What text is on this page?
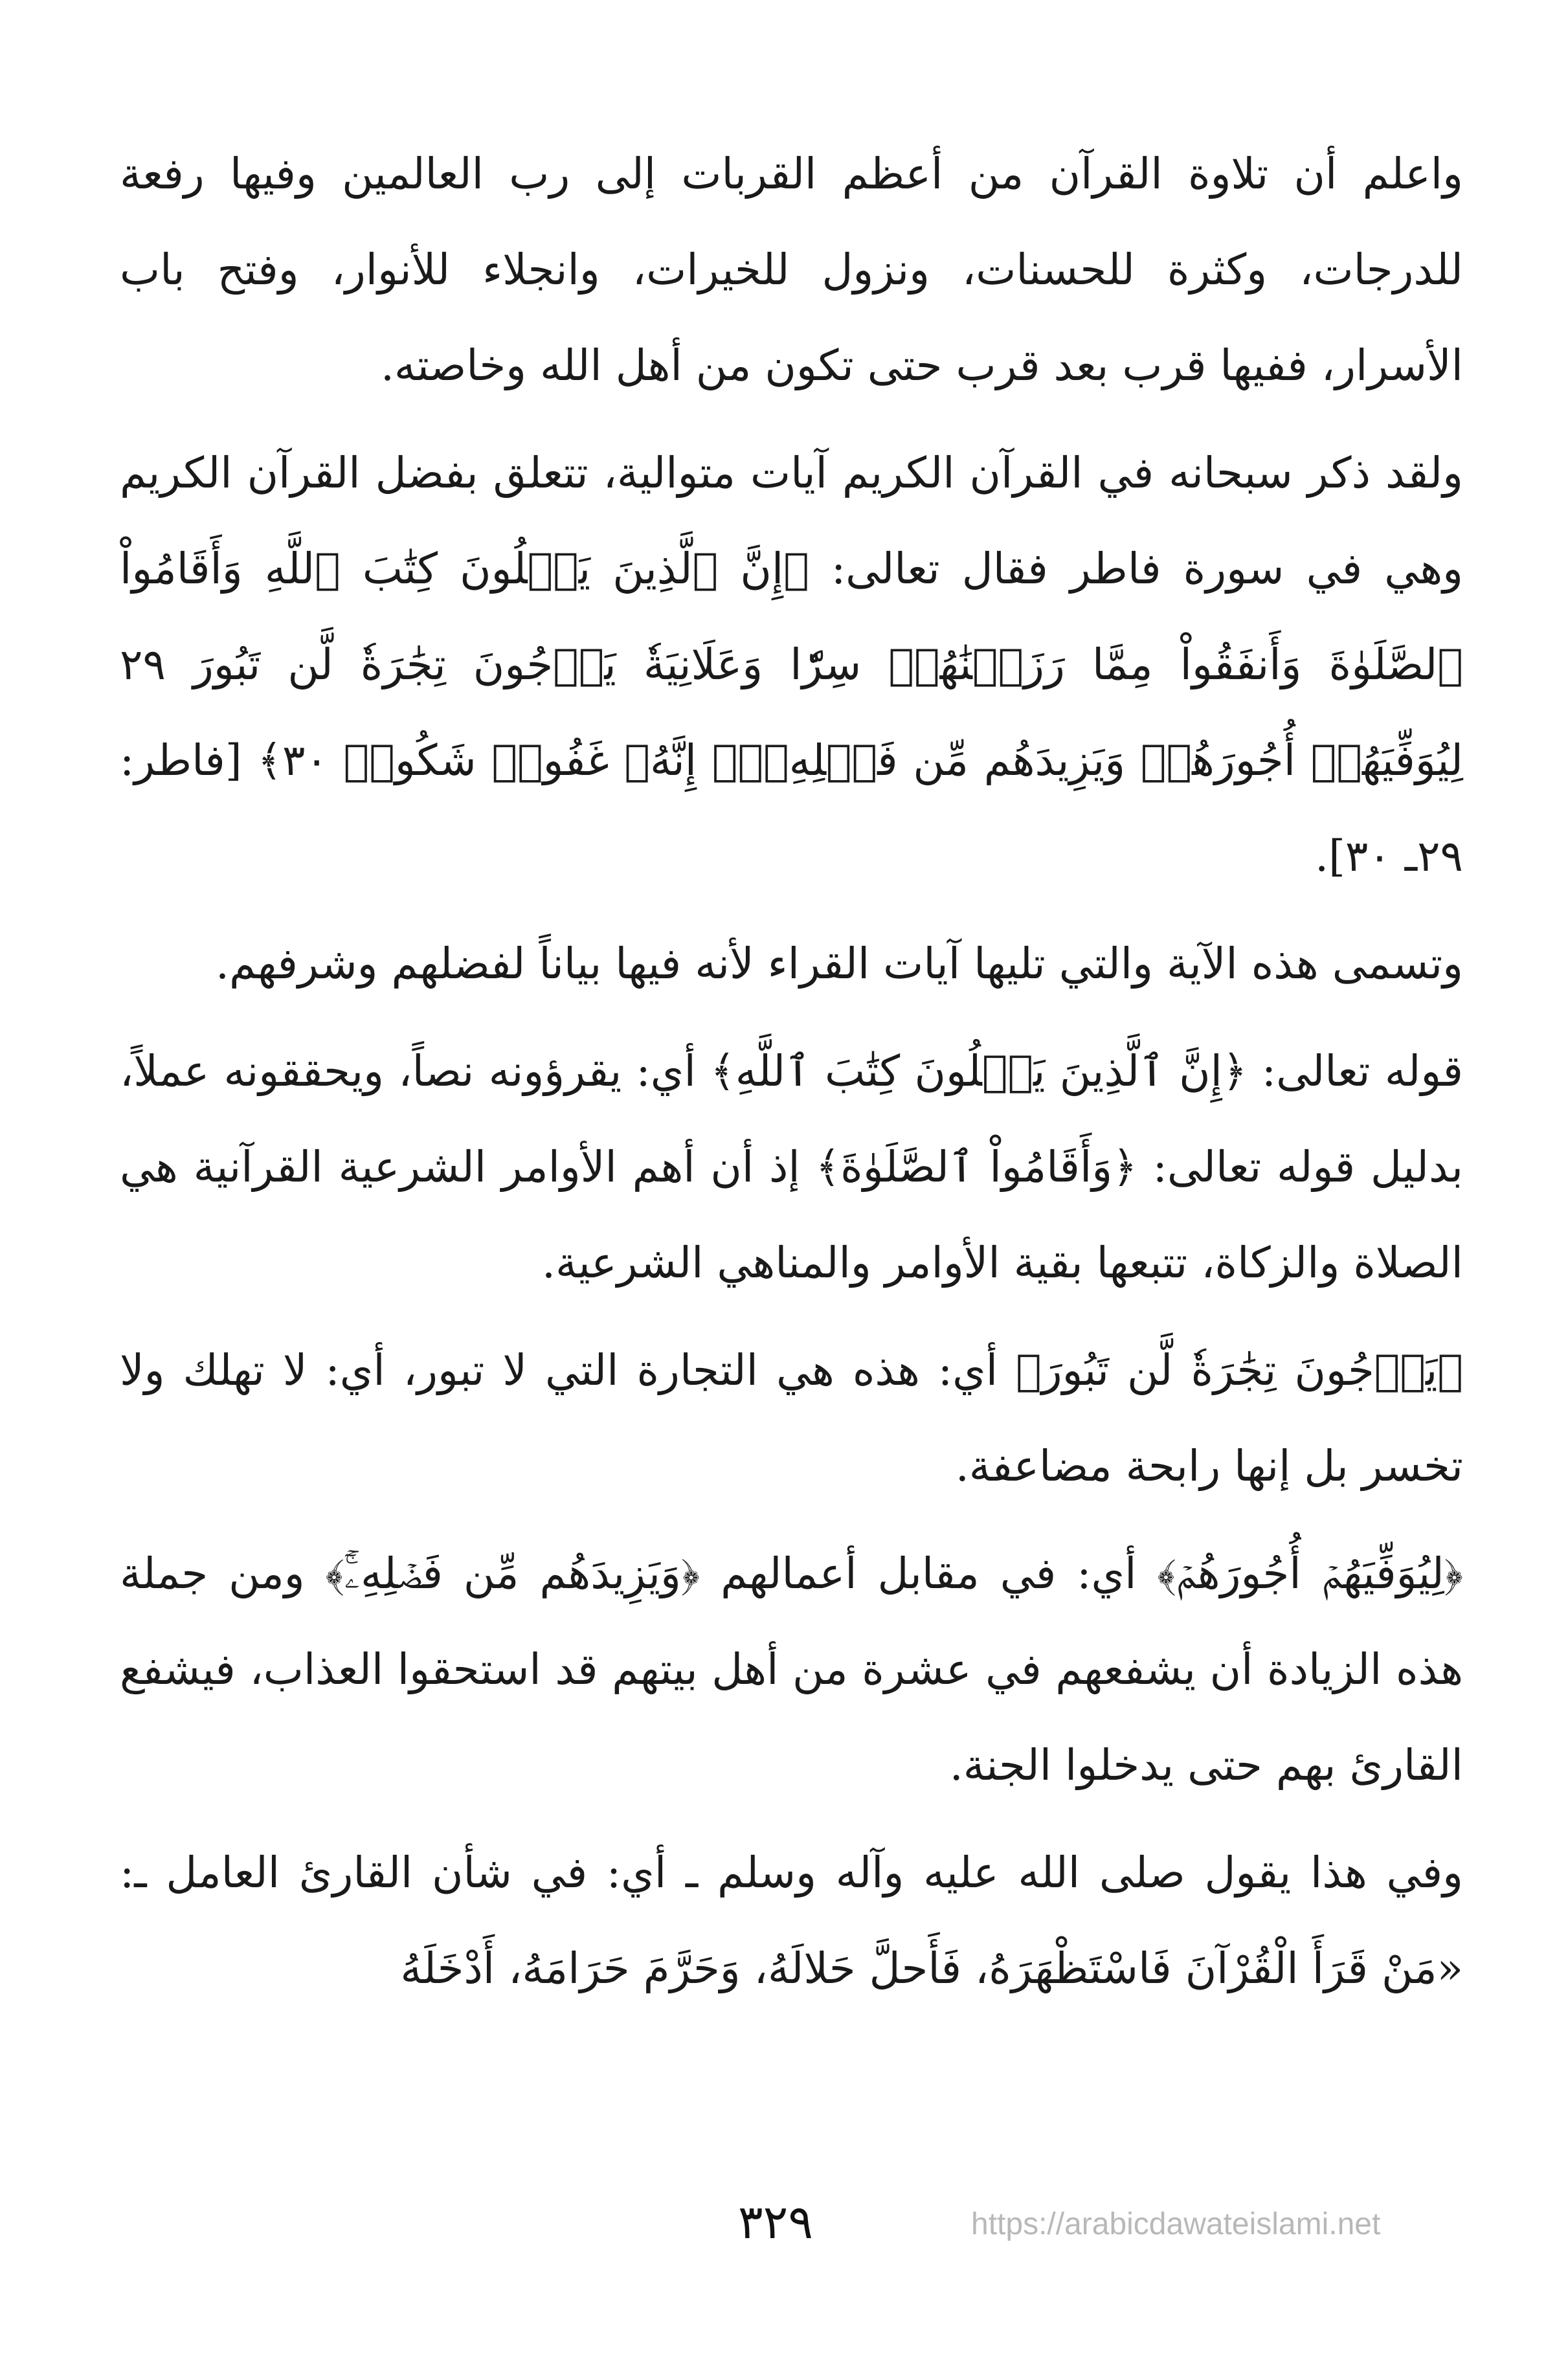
واعلم أن تلاوة القرآن من أعظم القربات إلى رب العالمين وفيها رفعة للدرجات، وكثرة للحسنات، ونزول للخيرات، وانجلاء للأنوار، وفتح باب الأسرار، ففيها قرب بعد قرب حتى تكون من أهل الله وخاصته.

ولقد ذكر سبحانه في القرآن الكريم آيات متوالية، تتعلق بفضل القرآن الكريم وهي في سورة فاطر فقال تعالى: ﴿إِنَّ ٱلَّذِينَ يَتۡلُونَ كِتَٰبَ ٱللَّهِ وَأَقَامُواْ ٱلصَّلَوٰةَ وَأَنفَقُواْ مِمَّا رَزَقۡنَٰهُمۡ سِرّٗا وَعَلَانِيَةٗ يَرۡجُونَ تِجَٰرَةٗ لَّن تَبُورَ ٢٩ لِيُوَفِّيَهُمۡ أُجُورَهُمۡ وَيَزِيدَهُم مِّن فَضۡلِهِۦٓۚ إِنَّهُۥ غَفُورٞ شَكُورٞ ٣٠﴾ [فاطر: ٢٩ـ ٣٠].

وتسمى هذه الآية والتي تليها آيات القراء لأنه فيها بياناً لفضلهم وشرفهم.

قوله تعالى: ﴿إِنَّ ٱلَّذِينَ يَتۡلُونَ كِتَٰبَ ٱللَّهِ﴾ أي: يقرؤونه نصاً، ويحققونه عملاً، بدليل قوله تعالى: ﴿وَأَقَامُواْ ٱلصَّلَوٰةَ﴾ إذ أن أهم الأوامر الشرعية القرآنية هي الصلاة والزكاة، تتبعها بقية الأوامر والمناهي الشرعية.

﴿يَرۡجُونَ تِجَٰرَةٗ لَّن تَبُورَ﴾ أي: هذه هي التجارة التي لا تبور، أي: لا تهلك ولا تخسر بل إنها رابحة مضاعفة.

﴿لِيُوَفِّيَهُمۡ أُجُورَهُمۡ﴾ أي: في مقابل أعمالهم ﴿وَيَزِيدَهُم مِّن فَضۡلِهِۦٓۚ﴾ ومن جملة هذه الزيادة أن يشفعهم في عشرة من أهل بيتهم قد استحقوا العذاب، فيشفع القارئ بهم حتى يدخلوا الجنة.

وفي هذا يقول صلى الله عليه وآله وسلم ـ أي: في شأن القارئ العامل ـ: «مَنْ قَرَأَ الْقُرْآنَ فَاسْتَظْهَرَهُ، فَأَحلَّ حَلالَهُ، وَحَرَّمَ حَرَامَهُ، أَدْخَلَهُ

٣٢٩	https://arabicdawateislami.net
